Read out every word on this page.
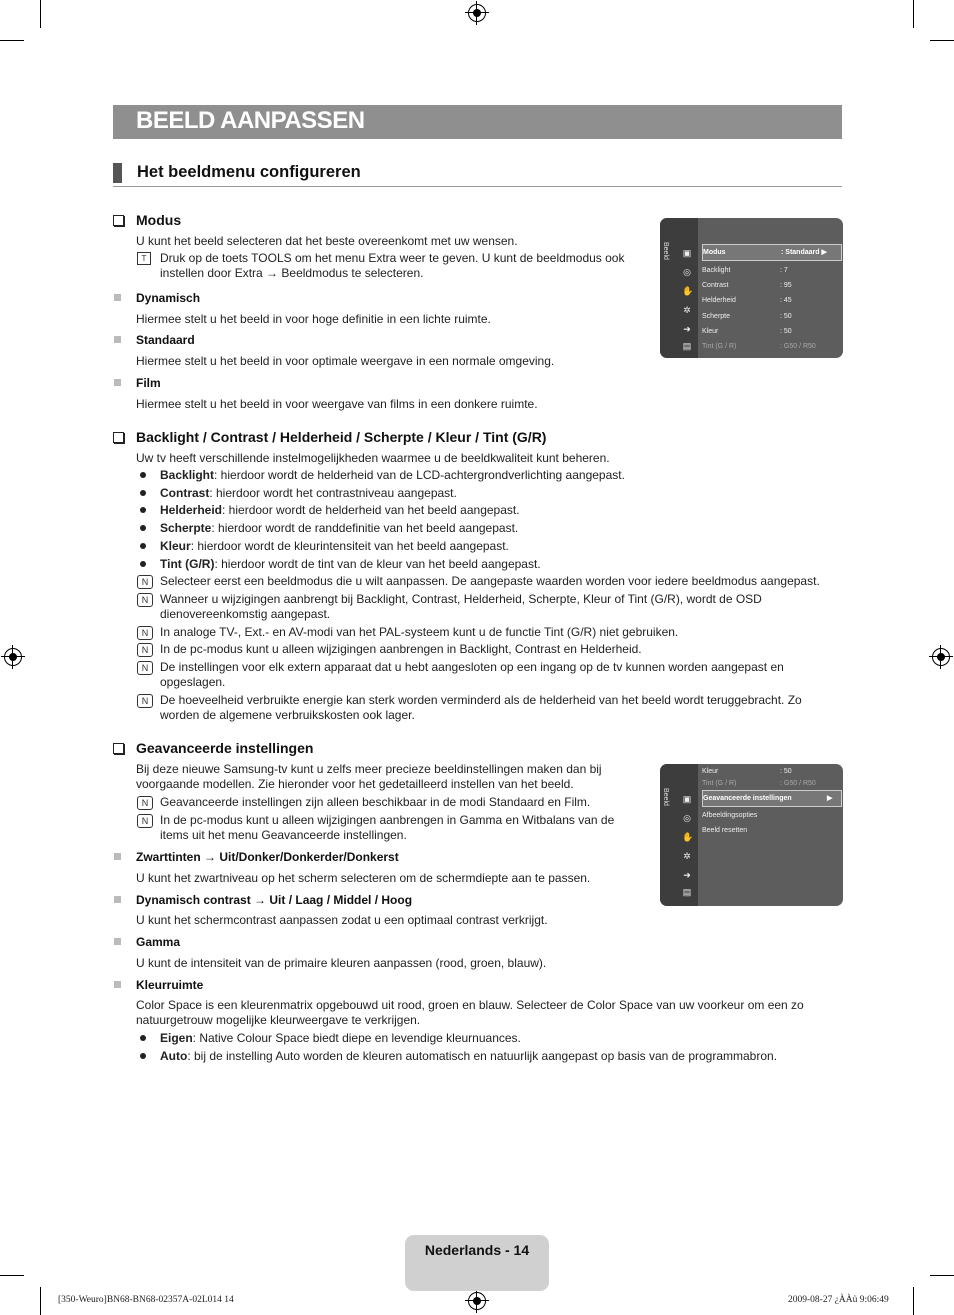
BEELD AANPASSEN
Het beeldmenu configureren
Modus
U kunt het beeld selecteren dat het beste overeenkomt met uw wensen.
T	Druk op de toets TOOLS om het menu Extra weer te geven. U kunt de beeldmodus ook
instellen door Extra → Beeldmodus te selecteren.
Dynamisch
Hiermee stelt u het beeld in voor hoge definitie in een lichte ruimte.
Standaard
Hiermee stelt u het beeld in voor optimale weergave in een normale omgeving.
Film
Hiermee stelt u het beeld in voor weergave van films in een donkere ruimte.
Beeld ▣
◎
✋
✲
➜
▤
Modus	: Standaard ▶
Backlight	: 7
Contrast	: 95
Helderheid	: 45
Scherpte	: 50
Kleur	: 50
Tint (G / R)	: G50 / R50
Backlight / Contrast / Helderheid / Scherpte / Kleur / Tint (G/R)
Uw tv heeft verschillende instelmogelijkheden waarmee u de beeldkwaliteit kunt beheren.
Backlight: hierdoor wordt de helderheid van de LCD-achtergrondverlichting aangepast.
Contrast: hierdoor wordt het contrastniveau aangepast.
Helderheid: hierdoor wordt de helderheid van het beeld aangepast.
Scherpte: hierdoor wordt de randdefinitie van het beeld aangepast.
Kleur: hierdoor wordt de kleurintensiteit van het beeld aangepast.
Tint (G/R): hierdoor wordt de tint van de kleur van het beeld aangepast.
N Selecteer eerst een beeldmodus die u wilt aanpassen. De aangepaste waarden worden voor iedere beeldmodus aangepast.
N Wanneer u wijzigingen aanbrengt bij Backlight, Contrast, Helderheid, Scherpte, Kleur of Tint (G/R), wordt de OSD
dienovereenkomstig aangepast.
N In analoge TV-, Ext.- en AV-modi van het PAL-systeem kunt u de functie Tint (G/R) niet gebruiken.
N In de pc-modus kunt u alleen wijzigingen aanbrengen in Backlight, Contrast en Helderheid.
N De instellingen voor elk extern apparaat dat u hebt aangesloten op een ingang op de tv kunnen worden aangepast en
opgeslagen.
N De hoeveelheid verbruikte energie kan sterk worden verminderd als de helderheid van het beeld wordt teruggebracht. Zo
worden de algemene verbruikskosten ook lager.
Geavanceerde instellingen
Bij deze nieuwe Samsung-tv kunt u zelfs meer precieze beeldinstellingen maken dan bij
voorgaande modellen. Zie hieronder voor het gedetailleerd instellen van het beeld.
N Geavanceerde instellingen zijn alleen beschikbaar in de modi Standaard en Film.
N In de pc-modus kunt u alleen wijzigingen aanbrengen in Gamma en Witbalans van de
items uit het menu Geavanceerde instellingen.
Zwarttinten → Uit/Donker/Donkerder/Donkerst
U kunt het zwartniveau op het scherm selecteren om de schermdiepte aan te passen.
Dynamisch contrast → Uit / Laag / Middel / Hoog
U kunt het schermcontrast aanpassen zodat u een optimaal contrast verkrijgt.
Gamma
U kunt de intensiteit van de primaire kleuren aanpassen (rood, groen, blauw).
Kleurruimte
Color Space is een kleurenmatrix opgebouwd uit rood, groen en blauw. Selecteer de Color Space van uw voorkeur om een zo
natuurgetrouw mogelijke kleurweergave te verkrijgen.
Eigen: Native Colour Space biedt diepe en levendige kleurnuances.
Auto: bij de instelling Auto worden de kleuren automatisch en natuurlijk aangepast op basis van de programmabron.
Beeld ▣
◎
✋
✲
➜
▤
Kleur	: 50
Tint (G / R)	: G50 / R50
Geavanceerde instellingen	▶
Afbeeldingsopties
Beeld resetten
Nederlands - 14
[350-Weuro]BN68-BN68-02357A-02L014 14	2009-08-27 ¿ÀÀü 9:06:49
